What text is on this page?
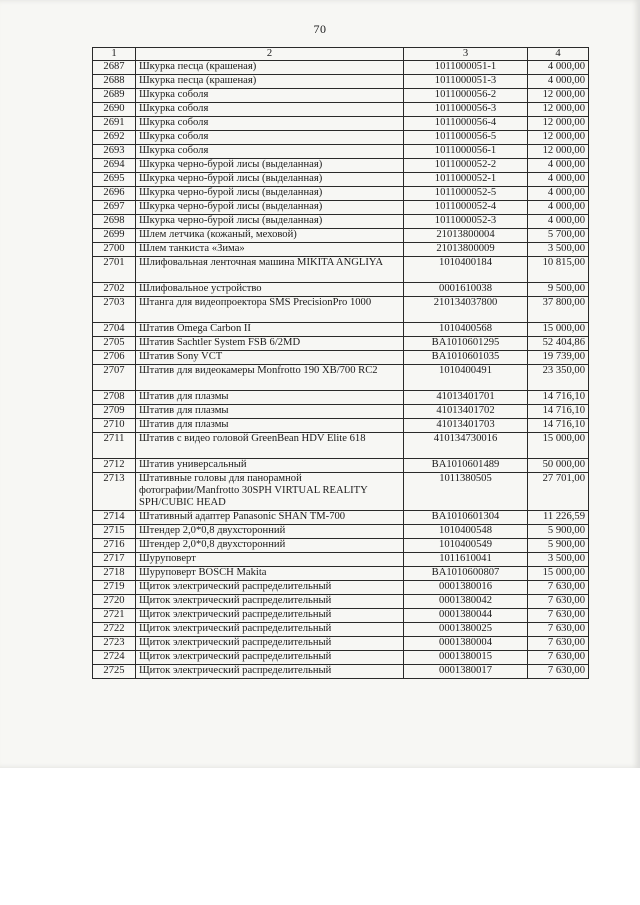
70
1	2	3	4
2687	Шкурка песца (крашеная)	1011000051-1	4 000,00
2688	Шкурка песца (крашеная)	1011000051-3	4 000,00
2689	Шкурка соболя	1011000056-2	12 000,00
2690	Шкурка соболя	1011000056-3	12 000,00
2691	Шкурка соболя	1011000056-4	12 000,00
2692	Шкурка соболя	1011000056-5	12 000,00
2693	Шкурка соболя	1011000056-1	12 000,00
2694	Шкурка черно-бурой лисы (выделанная)	1011000052-2	4 000,00
2695	Шкурка черно-бурой лисы (выделанная)	1011000052-1	4 000,00
2696	Шкурка черно-бурой лисы (выделанная)	1011000052-5	4 000,00
2697	Шкурка черно-бурой лисы (выделанная)	1011000052-4	4 000,00
2698	Шкурка черно-бурой лисы (выделанная)	1011000052-3	4 000,00
2699	Шлем летчика (кожаный, меховой)	21013800004	5 700,00
2700	Шлем танкиста «Зима»	21013800009	3 500,00
2701	Шлифовальная ленточная машина MIKITA ANGLIYA	1010400184	10 815,00
2702	Шлифовальное устройство	0001610038	9 500,00
2703	Штанга для видеопроектора SMS PrecisionPro 1000	210134037800	37 800,00
2704	Штатив Omega Carbon II	1010400568	15 000,00
2705	Штатив Sachtler System FSB 6/2MD	BA1010601295	52 404,86
2706	Штатив Sony VCT	BA1010601035	19 739,00
2707	Штатив для видеокамеры Monfrotto 190 XB/700 RC2	1010400491	23 350,00
2708	Штатив для плазмы	41013401701	14 716,10
2709	Штатив для плазмы	41013401702	14 716,10
2710	Штатив для плазмы	41013401703	14 716,10
2711	Штатив с видео головой GreenBean HDV Elite 618	410134730016	15 000,00
2712	Штатив универсальный	BA1010601489	50 000,00
2713	Штативные головы для панорамной фотографии/Manfrotto 30SPH VIRTUAL REALITY SPH/CUBIC HEAD	1011380505	27 701,00
2714	Штативный адаптер Panasonic SHAN TM-700	BA1010601304	11 226,59
2715	Штендер 2,0*0,8 двухсторонний	1010400548	5 900,00
2716	Штендер 2,0*0,8 двухсторонний	1010400549	5 900,00
2717	Шуруповерт	1011610041	3 500,00
2718	Шуруповерт BOSCH Makita	BA1010600807	15 000,00
2719	Щиток электрический распределительный	0001380016	7 630,00
2720	Щиток электрический распределительный	0001380042	7 630,00
2721	Щиток электрический распределительный	0001380044	7 630,00
2722	Щиток электрический распределительный	0001380025	7 630,00
2723	Щиток электрический распределительный	0001380004	7 630,00
2724	Щиток электрический распределительный	0001380015	7 630,00
2725	Щиток электрический распределительный	0001380017	7 630,00
